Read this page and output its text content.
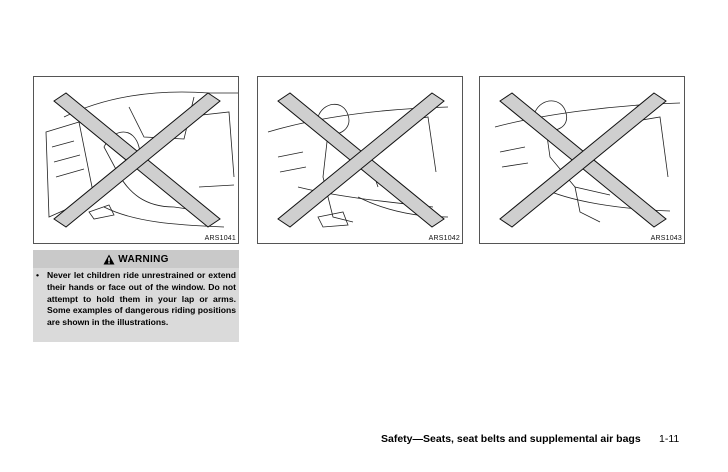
ARS1041	ARS1042	ARS1043
WARNING
• Never let children ride unrestrained or extend their hands or face out of the window. Do not attempt to hold them in your lap or arms. Some examples of dangerous riding positions are shown in the illustrations.
Safety—Seats, seat belts and supplemental air bags 1-11
